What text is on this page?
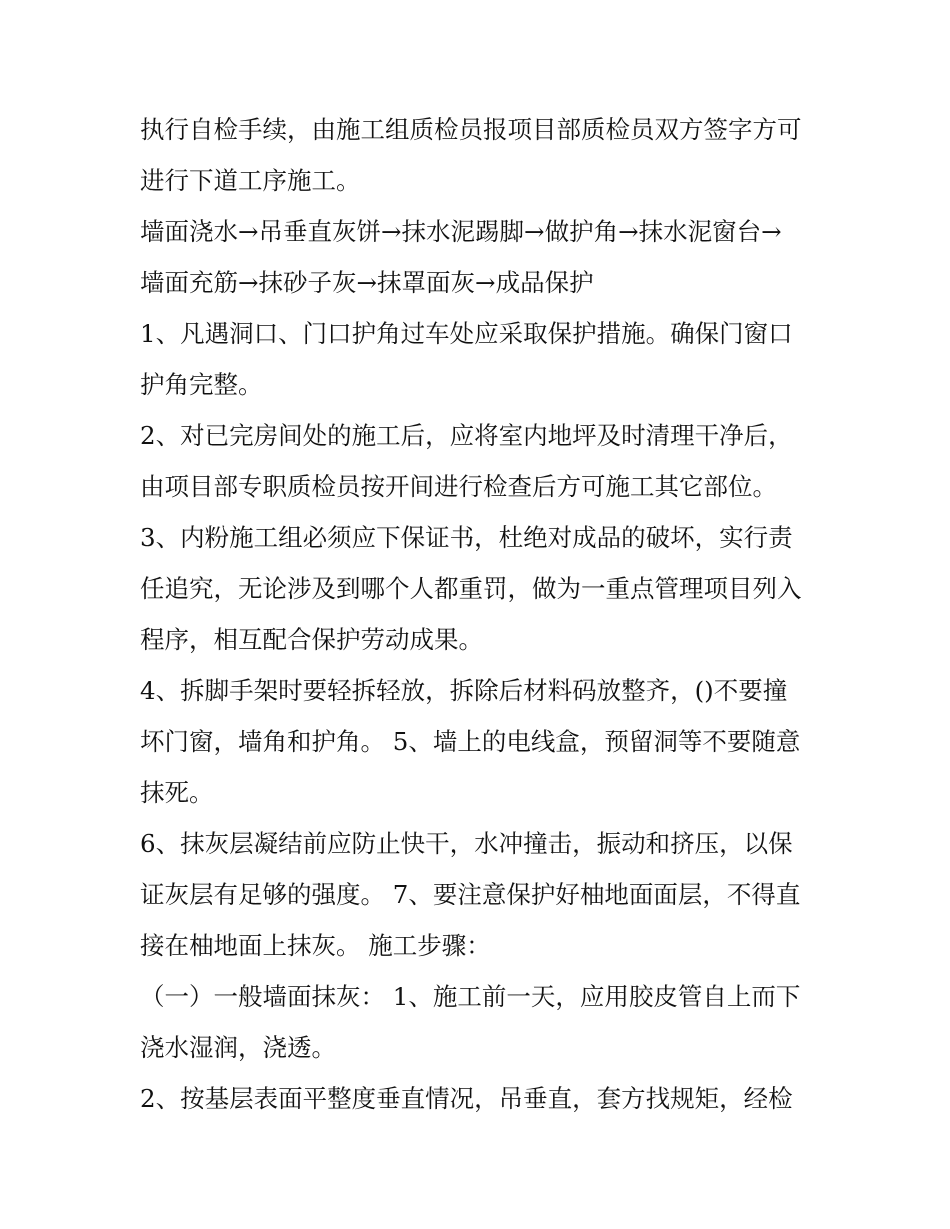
执行自检手续，由施工组质检员报项目部质检员双方签字方可
进行下道工序施工。
墙面浇水→吊垂直灰饼→抹水泥踢脚→做护角→抹水泥窗台→
墙面充筋→抹砂子灰→抹罩面灰→成品保护
1、凡遇洞口、门口护角过车处应采取保护措施。确保门窗口
护角完整。
2、对已完房间处的施工后，应将室内地坪及时清理干净后，
由项目部专职质检员按开间进行检查后方可施工其它部位。
3、内粉施工组必须应下保证书，杜绝对成品的破坏，实行责
任追究，无论涉及到哪个人都重罚，做为一重点管理项目列入
程序，相互配合保护劳动成果。
4、拆脚手架时要轻拆轻放，拆除后材料码放整齐，()不要撞
坏门窗，墙角和护角。 5、墙上的电线盒，预留洞等不要随意
抹死。
6、抹灰层凝结前应防止快干，水冲撞击，振动和挤压，以保
证灰层有足够的强度。 7、要注意保护好柚地面面层，不得直
接在柚地面上抹灰。 施工步骤：
（一）一般墙面抹灰： 1、施工前一天，应用胶皮管自上而下
浇水湿润，浇透。
2、按基层表面平整度垂直情况，吊垂直，套方找规矩，经检
